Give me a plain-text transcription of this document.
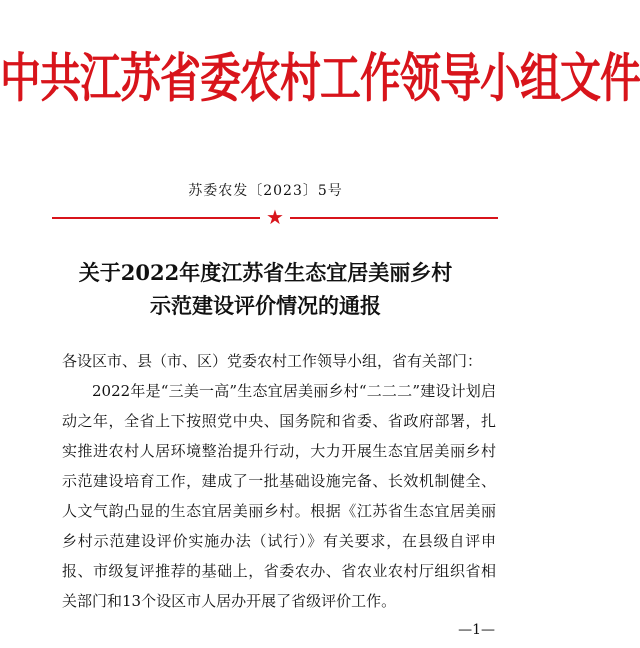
中共江苏省委农村工作领导小组文件
苏委农发〔2023〕5号
★
关于2022年度江苏省生态宜居美丽乡村
示范建设评价情况的通报

各设区市、县（市、区）党委农村工作领导小组，省有关部门：

2022年是“三美一高”生态宜居美丽乡村“二二二”建设计划启动之年，全省上下按照党中央、国务院和省委、省政府部署，扎实推进农村人居环境整治提升行动，大力开展生态宜居美丽乡村示范建设培育工作，建成了一批基础设施完备、长效机制健全、人文气韵凸显的生态宜居美丽乡村。根据《江苏省生态宜居美丽乡村示范建设评价实施办法（试行）》有关要求，在县级自评申报、市级复评推荐的基础上，省委农办、省农业农村厅组织省相关部门和13个设区市人居办开展了省级评价工作。

—1—
